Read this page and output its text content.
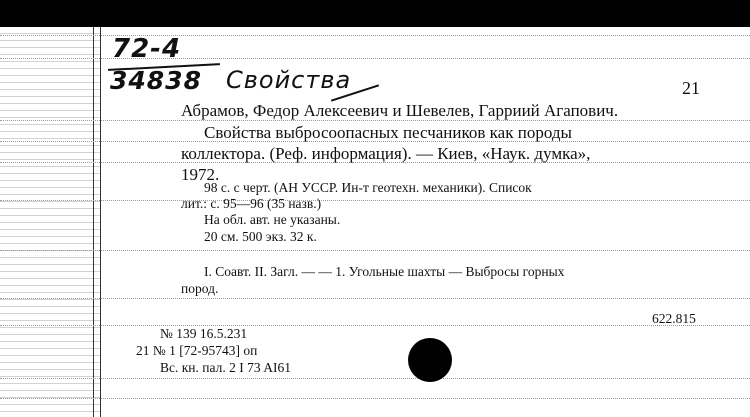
72-4
34838 Свойства	21
Абрамов, Федор Алексеевич и Шевелев, Гарриий Агапович.
Свойства выбросоопасных песчаников как породы
коллектора. (Реф. информация). — Киев, «Наук. думка»,
1972.
98 с. с черт. (АН УССР. Ин-т геотехн. механики). Список
лит.: с. 95—96 (35 назв.)
На обл. авт. не указаны.
20 см. 500 экз. 32 к.
I. Соавт. II. Загл. — — 1. Угольные шахты — Выбросы горных
пород.
622.815
№ 139 16.5.231
21 № 1 [72-95743] оп
Вс. кн. пал. 2 I 73 AI61
